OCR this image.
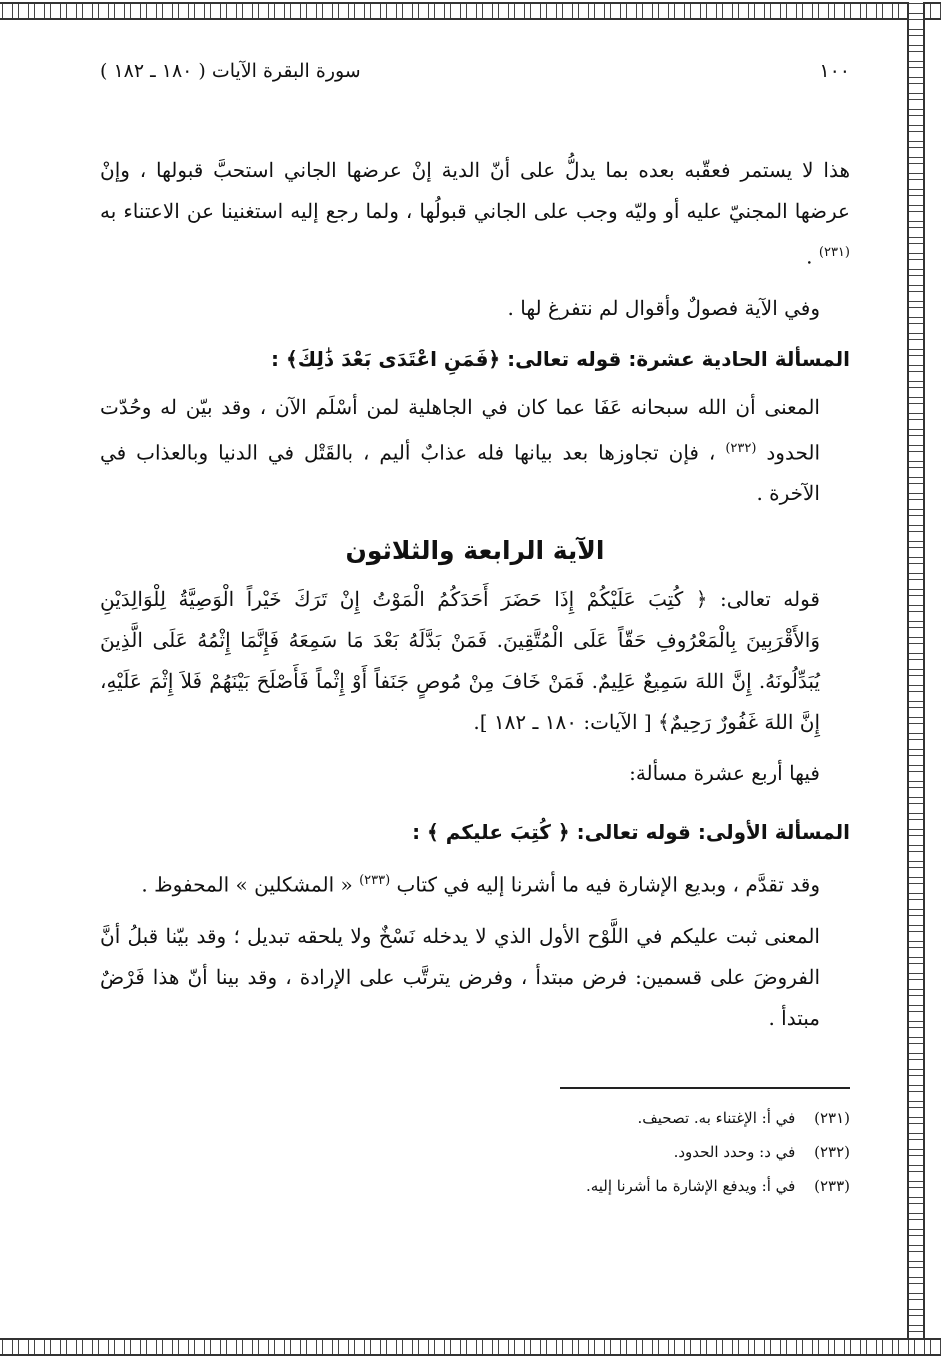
١٠٠
سورة البقرة الآيات ( ١٨٠ ـ ١٨٢ )

هذا لا يستمر فعقّبه بعده بما يدلُّ على أنّ الدية إنْ عرضها الجاني استحبَّ قبولها ، وإنْ عرضها المجنيّ عليه أو وليّه وجب على الجاني قبولُها ، ولما رجع إليه استغنينا عن الاعتناء به $^{(٢٣١)}$ .

وفي الآية فصولٌ وأقوال لم نتفرغ لها .

المسألة الحادية عشرة: قوله تعالى: ﴿فَمَنِ اعْتَدَى بَعْدَ ذَٰلِكَ﴾ :

المعنى أن الله سبحانه عَفَا عما كان في الجاهلية لمن أسْلَم الآن ، وقد بيّن له وحُدّت الحدود $^{(٢٣٢)}$ ، فإن تجاوزها بعد بيانها فله عذابٌ أليم ، بالقَتْل في الدنيا وبالعذاب في الآخرة .

الآية الرابعة والثلاثون

قوله تعالى: ﴿ كُتِبَ عَلَيْكُمْ إِذَا حَضَرَ أَحَدَكُمُ الْمَوْتُ إِنْ تَرَكَ خَيْراً الْوَصِيَّةُ لِلْوَالِدَيْنِ وَالأَقْرَبِينَ بِالْمَعْرُوفِ حَقّاً عَلَى الْمُتَّقِينَ. فَمَنْ بَدَّلَهُ بَعْدَ مَا سَمِعَهُ فَإِنَّمَا إِثْمُهُ عَلَى الَّذِينَ يُبَدِّلُونَهُ. إِنَّ اللهَ سَمِيعٌ عَلِيمٌ. فَمَنْ خَافَ مِنْ مُوصٍ جَنَفاً أَوْ إِثْماً فَأَصْلَحَ بَيْنَهُمْ فَلاَ إِثْمَ عَلَيْهِ، إِنَّ اللهَ غَفُورٌ رَحِيمٌ﴾ [ الآيات: ١٨٠ ـ ١٨٢ ].

فيها أربع عشرة مسألة:

المسألة الأولى: قوله تعالى: ﴿ كُتِبَ عليكم ﴾ :

وقد تقدَّم ، وبديع الإشارة فيه ما أشرنا إليه في كتاب $^{(٢٣٣)}$ « المشكلين » المحفوظ .

المعنى ثبت عليكم في اللَّوْح الأول الذي لا يدخله نَسْخٌ ولا يلحقه تبديل ؛ وقد بيّنا قبلُ أنَّ الفروضَ على قسمين: فرض مبتدأ ، وفرض يترتَّب على الإرادة ، وقد بينا أنّ هذا فَرْضٌ مبتدأ .

(٢٣١) في أ: الإغتناء به. تصحيف.

(٢٣٢) في د: وحدد الحدود.

(٢٣٣) في أ: ويدفع الإشارة ما أشرنا إليه.
